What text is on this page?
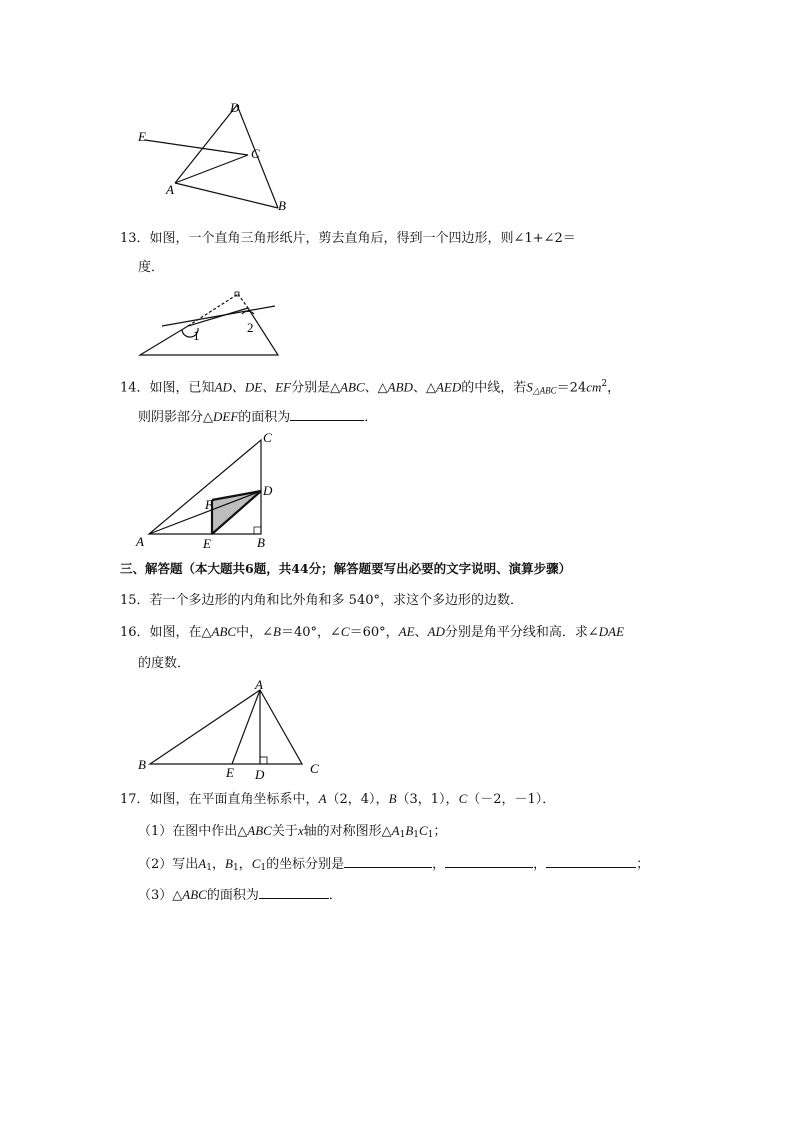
D
E
C
A
B
13．如图，一个直角三角形纸片，剪去直角后，得到一个四边形，则∠1+∠2＝
度．
1
2
14．如图，已知AD、DE、EF分别是△ABC、△ABD、△AED的中线，若$S_{\triangle ABC}=24cm^2$，
则阴影部分△DEF的面积为	．
C
D
F
A	E	B
三、解答题（本大题共6题，共44分；解答题要写出必要的文字说明、演算步骤）
15．若一个多边形的内角和比外角和多 540°，求这个多边形的边数．
16．如图，在△ABC中，∠B＝40°，∠C＝60°，AE、AD分别是角平分线和高．求∠DAE
的度数．
A
B
E D	C
17．如图，在平面直角坐标系中，A（2，4），B（3，1），C（－2，－1）．
（1）在图中作出△ABC关于x轴的对称图形$\triangle A_1B_1C_1$；
（2）写出$A_1$，$B_1$，$C_1$的坐标分别是	，	，	；
（3）△ABC的面积为	．
